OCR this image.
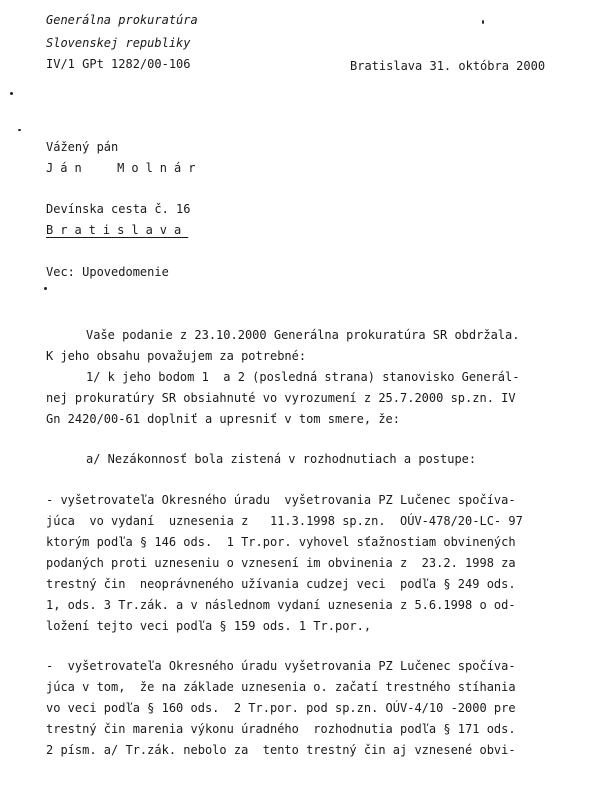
Generálna prokuratúra
Slovenskej republiky
IV/1 GPt 1282/00-106	Bratislava 31. októbra 2000
Vážený pán
Ján  Molnár
Devínska cesta č. 16
Bratislava
Vec: Upovedomenie
Vaše podanie z 23.10.2000 Generálna prokuratúra SR obdržala.
K jeho obsahu považujem za potrebné:
1/ k jeho bodom 1  a 2 (posledná strana) stanovisko Generál-
nej prokuratúry SR obsiahnuté vo vyrozumení z 25.7.2000 sp.zn. IV
Gn 2420/00-61 doplniť a upresniť v tom smere, že:
a/ Nezákonnosť bola zistená v rozhodnutiach a postupe:
- vyšetrovateľa Okresného úradu  vyšetrovania PZ Lučenec spočíva-
júca  vo vydaní  uznesenia z   11.3.1998 sp.zn.  OÚV-478/20-LC- 97
ktorým podľa § 146 ods.  1 Tr.por. vyhovel sťažnostiam obvinených
podaných proti uzneseniu o vznesení im obvinenia z  23.2. 1998 za
trestný čin  neoprávneného užívania cudzej veci  podľa § 249 ods.
1, ods. 3 Tr.zák. a v následnom vydaní uznesenia z 5.6.1998 o od-
ložení tejto veci podľa § 159 ods. 1 Tr.por.,
-  vyšetrovateľa Okresného úradu vyšetrovania PZ Lučenec spočíva-
júca v tom,  že na základe uznesenia o. začatí trestného stíhania
vo veci podľa § 160 ods.  2 Tr.por. pod sp.zn. OÚV-4/10 -2000 pre
trestný čin marenia výkonu úradného  rozhodnutia podľa § 171 ods.
2 písm. a/ Tr.zák. nebolo za  tento trestný čin aj vznesené obvi-
